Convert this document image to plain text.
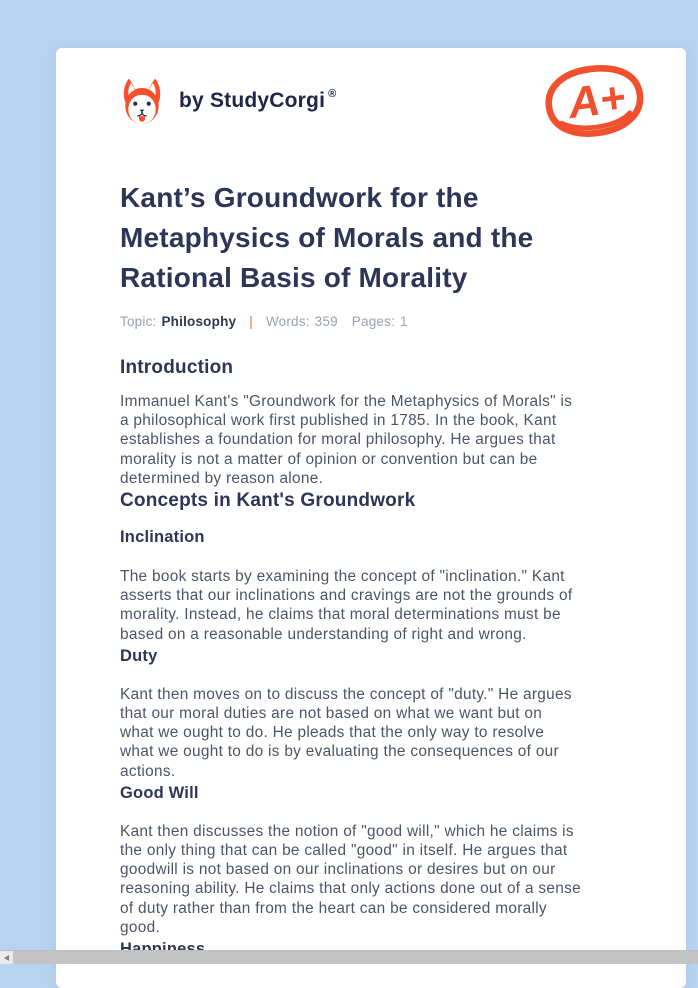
by StudyCorgi ®	A+
Kant’s Groundwork for the
Metaphysics of Morals and the
Rational Basis of Morality
Topic: Philosophy | Words: 359 Pages: 1
Introduction

Immanuel Kant's "Groundwork for the Metaphysics of Morals" is
a philosophical work first published in 1785. In the book, Kant
establishes a foundation for moral philosophy. He argues that
morality is not a matter of opinion or convention but can be
determined by reason alone.

Concepts in Kant's Groundwork
Inclination

The book starts by examining the concept of "inclination." Kant
asserts that our inclinations and cravings are not the grounds of
morality. Instead, he claims that moral determinations must be
based on a reasonable understanding of right and wrong.

Duty

Kant then moves on to discuss the concept of "duty." He argues
that our moral duties are not based on what we want but on
what we ought to do. He pleads that the only way to resolve
what we ought to do is by evaluating the consequences of our
actions.

Good Will

Kant then discusses the notion of "good will," which he claims is
the only thing that can be called "good" in itself. He argues that
goodwill is not based on our inclinations or desires but on our
reasoning ability. He claims that only actions done out of a sense
of duty rather than from the heart can be considered morally
good.
